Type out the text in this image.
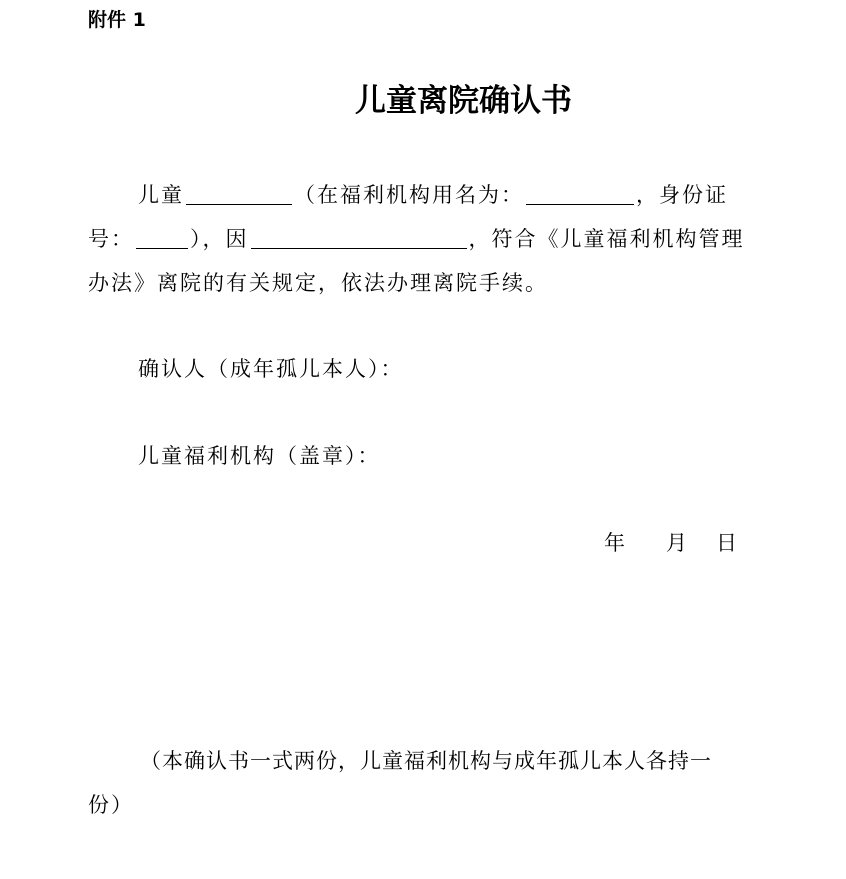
附件 1
儿童离院确认书
儿童	（在福利机构用名为：	，身份证
号：	），因	，符合《儿童福利机构管理
办法》离院的有关规定，依法办理离院手续。
确认人（成年孤儿本人）：
儿童福利机构（盖章）：
年 月 日
（本确认书一式两份，儿童福利机构与成年孤儿本人各持一
份）
